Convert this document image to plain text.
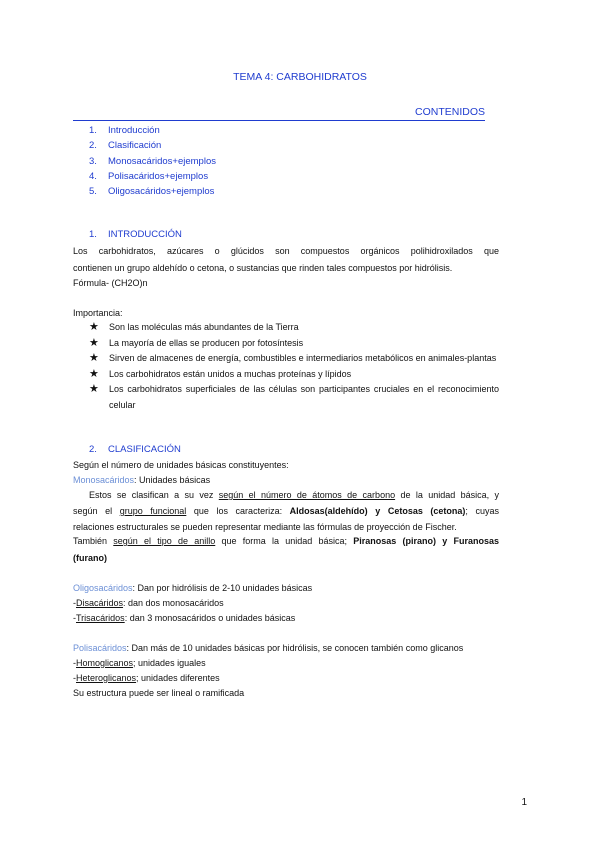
TEMA 4: CARBOHIDRATOS
CONTENIDOS
1. Introducción
2. Clasificación
3. Monosacáridos+ejemplos
4. Polisacáridos+ejemplos
5. Oligosacáridos+ejemplos
1. INTRODUCCIÓN
Los carbohidratos, azúcares o glúcidos son compuestos orgánicos polihidroxilados que
contienen un grupo aldehído o cetona, o sustancias que rinden tales compuestos por hidrólisis.
Fórmula- (CH2O)n
Importancia:
★ Son las moléculas más abundantes de la Tierra
★ La mayoría de ellas se producen por fotosíntesis
★ Sirven de almacenes de energía, combustibles e intermediarios metabólicos en animales-plantas
★ Los carbohidratos están unidos a muchas proteínas y lípidos
★ Los carbohidratos superficiales de las células son participantes cruciales en el reconocimiento celular
2. CLASIFICACIÓN
Según el número de unidades básicas constituyentes:
Monosacáridos: Unidades básicas
Estos se clasifican a su vez según el número de átomos de carbono de la unidad básica, y
según el grupo funcional que los caracteriza: Aldosas(aldehído) y Cetosas (cetona); cuyas
relaciones estructurales se pueden representar mediante las fórmulas de proyección de Fischer.
También según el tipo de anillo que forma la unidad básica; Piranosas (pirano) y Furanosas
(furano)
Oligosacáridos: Dan por hidrólisis de 2-10 unidades básicas
-Disacáridos: dan dos monosacáridos
-Trisacáridos: dan 3 monosacáridos o unidades básicas
Polisacáridos: Dan más de 10 unidades básicas por hidrólisis, se conocen también como glicanos
-Homoglicanos; unidades iguales
-Heteroglicanos; unidades diferentes
Su estructura puede ser lineal o ramificada
1
